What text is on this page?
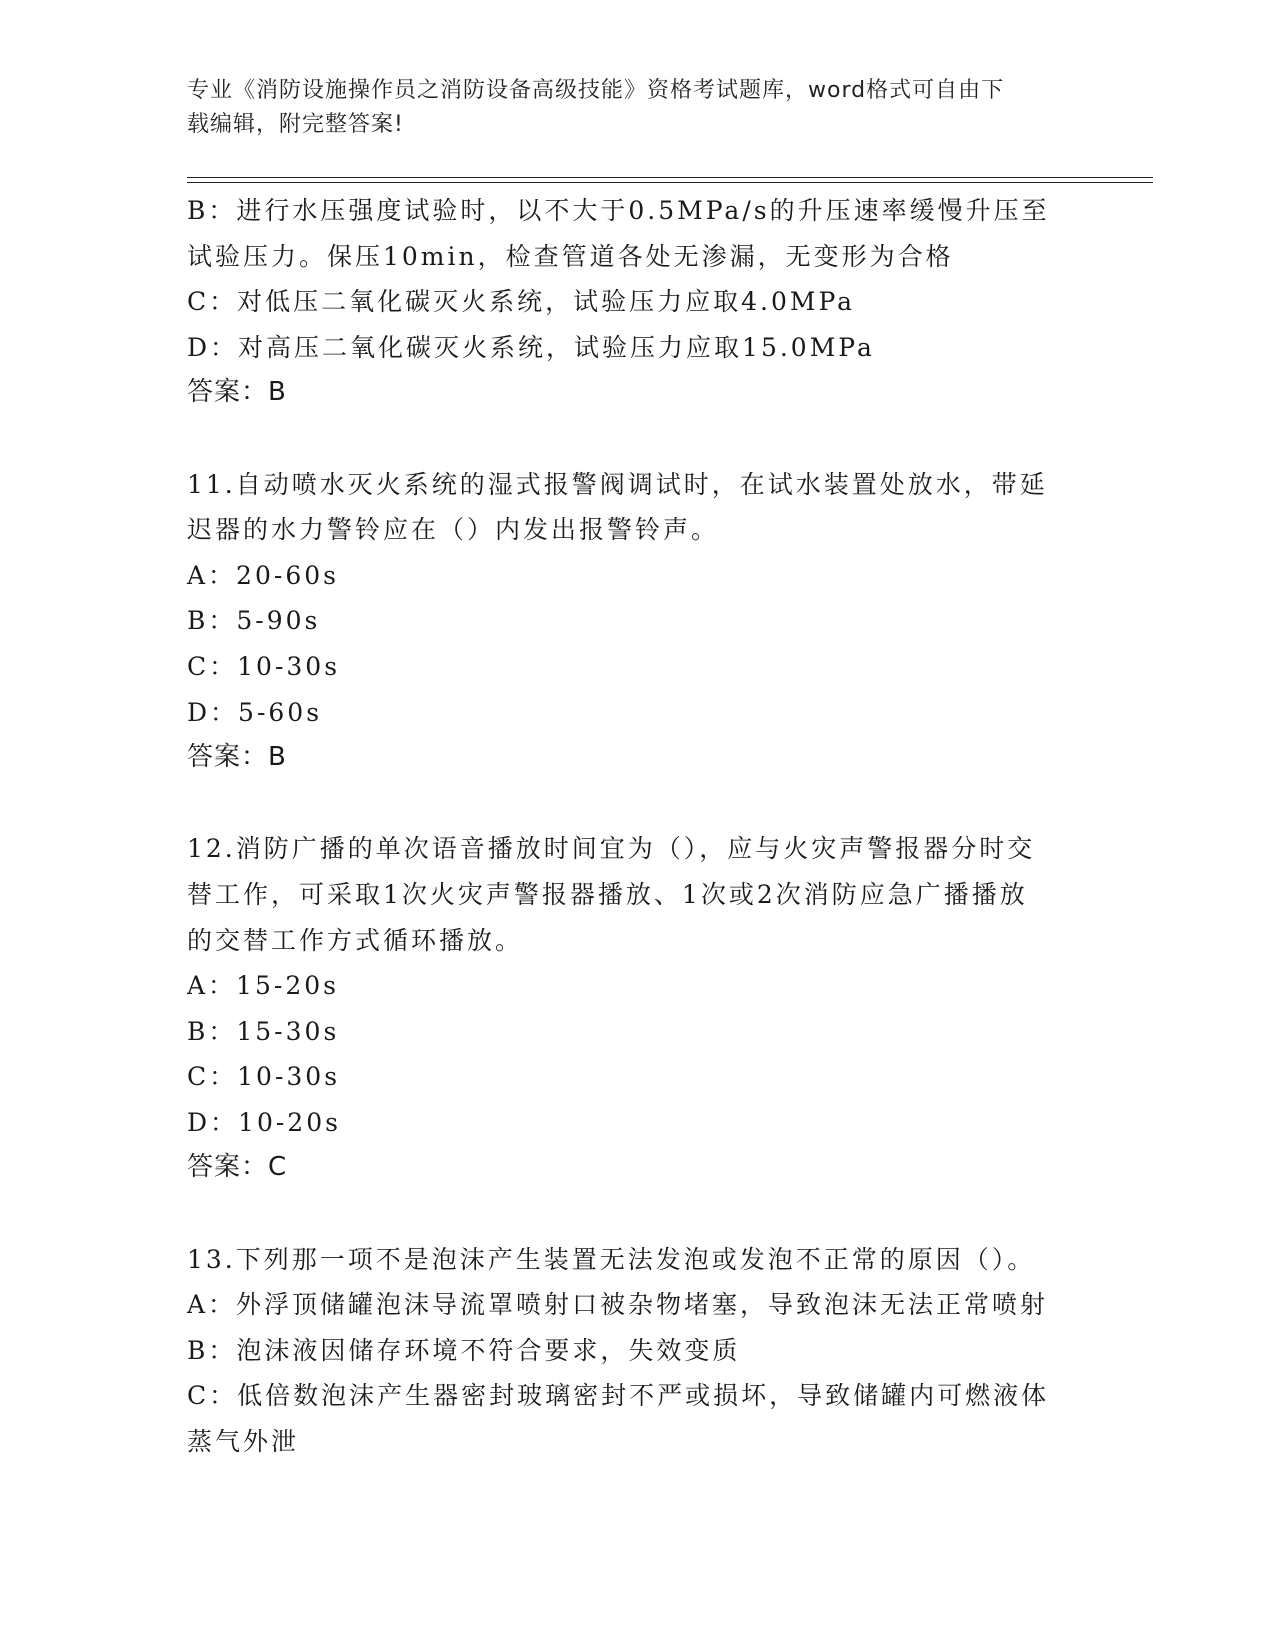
专业《消防设施操作员之消防设备高级技能》资格考试题库，word格式可自由下
载编辑，附完整答案!
B：进行水压强度试验时，以不大于0.5MPa/s的升压速率缓慢升压至
试验压力。保压10min，检查管道各处无渗漏，无变形为合格
C：对低压二氧化碳灭火系统，试验压力应取4.0MPa
D：对高压二氧化碳灭火系统，试验压力应取15.0MPa
答案：B
11.自动喷水灭火系统的湿式报警阀调试时，在试水装置处放水，带延
迟器的水力警铃应在（）内发出报警铃声。
A：20-60s
B：5-90s
C：10-30s
D：5-60s
答案：B
12.消防广播的单次语音播放时间宜为（），应与火灾声警报器分时交
替工作，可采取1次火灾声警报器播放、1次或2次消防应急广播播放
的交替工作方式循环播放。
A：15-20s
B：15-30s
C：10-30s
D：10-20s
答案：C
13.下列那一项不是泡沫产生装置无法发泡或发泡不正常的原因（）。
A：外浮顶储罐泡沫导流罩喷射口被杂物堵塞，导致泡沫无法正常喷射
B：泡沫液因储存环境不符合要求，失效变质
C：低倍数泡沫产生器密封玻璃密封不严或损坏，导致储罐内可燃液体
蒸气外泄
